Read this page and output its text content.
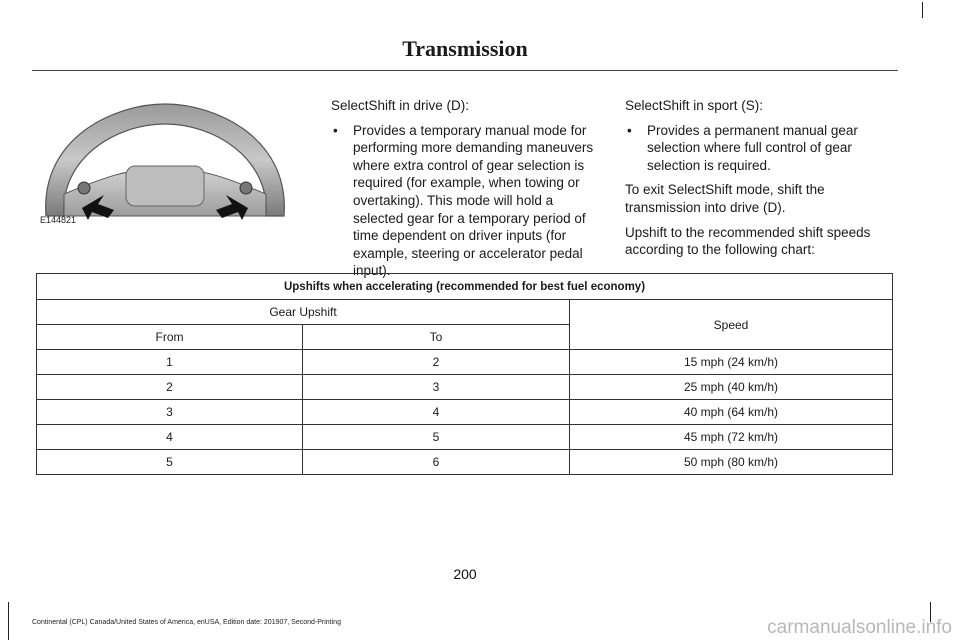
Transmission
E144821

SelectShift in drive (D):

• Provides a temporary manual mode for performing more demanding maneuvers where extra control of gear selection is required (for example, when towing or overtaking). This mode will hold a selected gear for a temporary period of time dependent on driver inputs (for example, steering or accelerator pedal input).

SelectShift in sport (S):

• Provides a permanent manual gear selection where full control of gear selection is required.

To exit SelectShift mode, shift the transmission into drive (D).

Upshift to the recommended shift speeds according to the following chart:

Upshifts when accelerating (recommended for best fuel economy)		
Gear Upshift		Speed
From	To	
1	2	15 mph (24 km/h)
2	3	25 mph (40 km/h)
3	4	40 mph (64 km/h)
4	5	45 mph (72 km/h)
5	6	50 mph (80 km/h)
200
Continental (CPL) Canada/United States of America, enUSA, Edition date: 201907, Second-Printing	carmanualsonline.info
